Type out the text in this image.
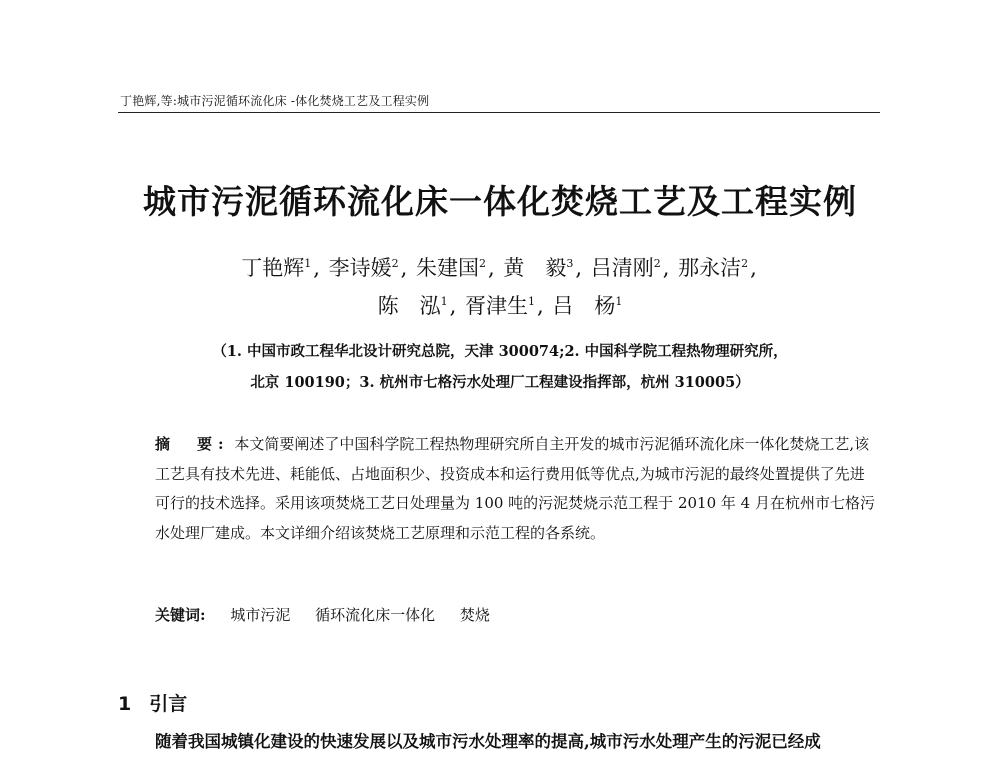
丁艳辉,等:城市污泥循环流化床 -体化焚烧工艺及工程实例
城市污泥循环流化床一体化焚烧工艺及工程实例
丁艳辉$^1$, 李诗媛$^2$, 朱建国$^2$, 黄　毅$^3$, 吕清刚$^2$, 那永洁$^2$,
陈　泓$^1$, 胥津生$^1$, 吕　杨$^1$
（1. 中国市政工程华北设计研究总院，天津 300074;2. 中国科学院工程热物理研究所，
北京 100190；3. 杭州市七格污水处理厂工程建设指挥部，杭州 310005）
摘　要: 本文简要阐述了中国科学院工程热物理研究所自主开发的城市污泥循环流化床一体化焚烧工艺,该工艺具有技术先进、耗能低、占地面积少、投资成本和运行费用低等优点,为城市污泥的最终处置提供了先进可行的技术选择。采用该项焚烧工艺日处理量为 100 吨的污泥焚烧示范工程于 2010 年 4 月在杭州市七格污水处理厂建成。本文详细介绍该焚烧工艺原理和示范工程的各系统。
关键词: 城市污泥 循环流化床一体化 焚烧
1 引言
随着我国城镇化建设的快速发展以及城市污水处理率的提高,城市污水处理产生的污泥已经成
